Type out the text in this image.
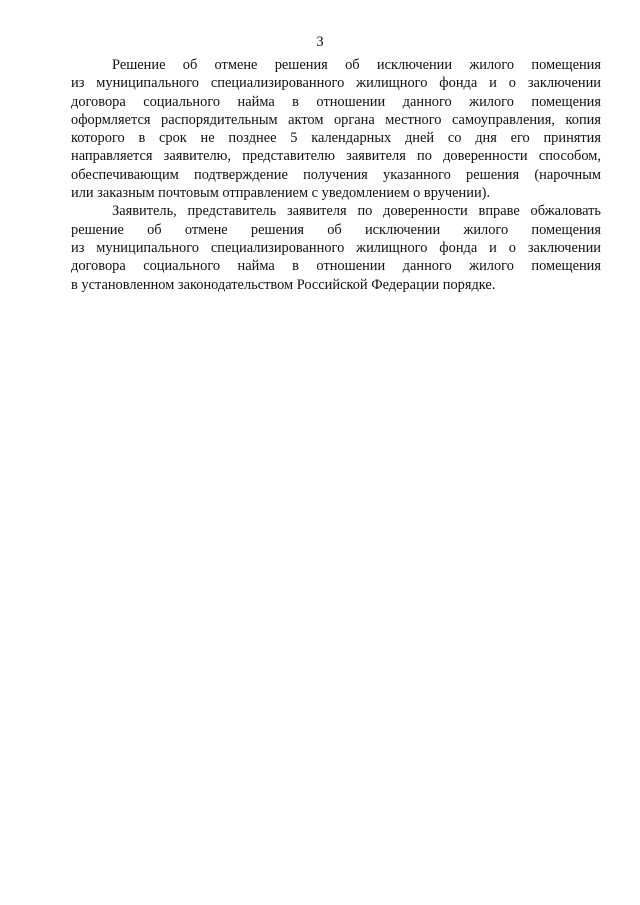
3
Решение об отмене решения об исключении жилого помещения
из муниципального специализированного жилищного фонда и о заключении
договора социального найма в отношении данного жилого помещения
оформляется распорядительным актом органа местного самоуправления, копия
которого в срок не позднее 5 календарных дней со дня его принятия
направляется заявителю, представителю заявителя по доверенности способом,
обеспечивающим подтверждение получения указанного решения (нарочным
или заказным почтовым отправлением с уведомлением о вручении).
Заявитель, представитель заявителя по доверенности вправе обжаловать
решение об отмене решения об исключении жилого помещения
из муниципального специализированного жилищного фонда и о заключении
договора социального найма в отношении данного жилого помещения
в установленном законодательством Российской Федерации порядке.
